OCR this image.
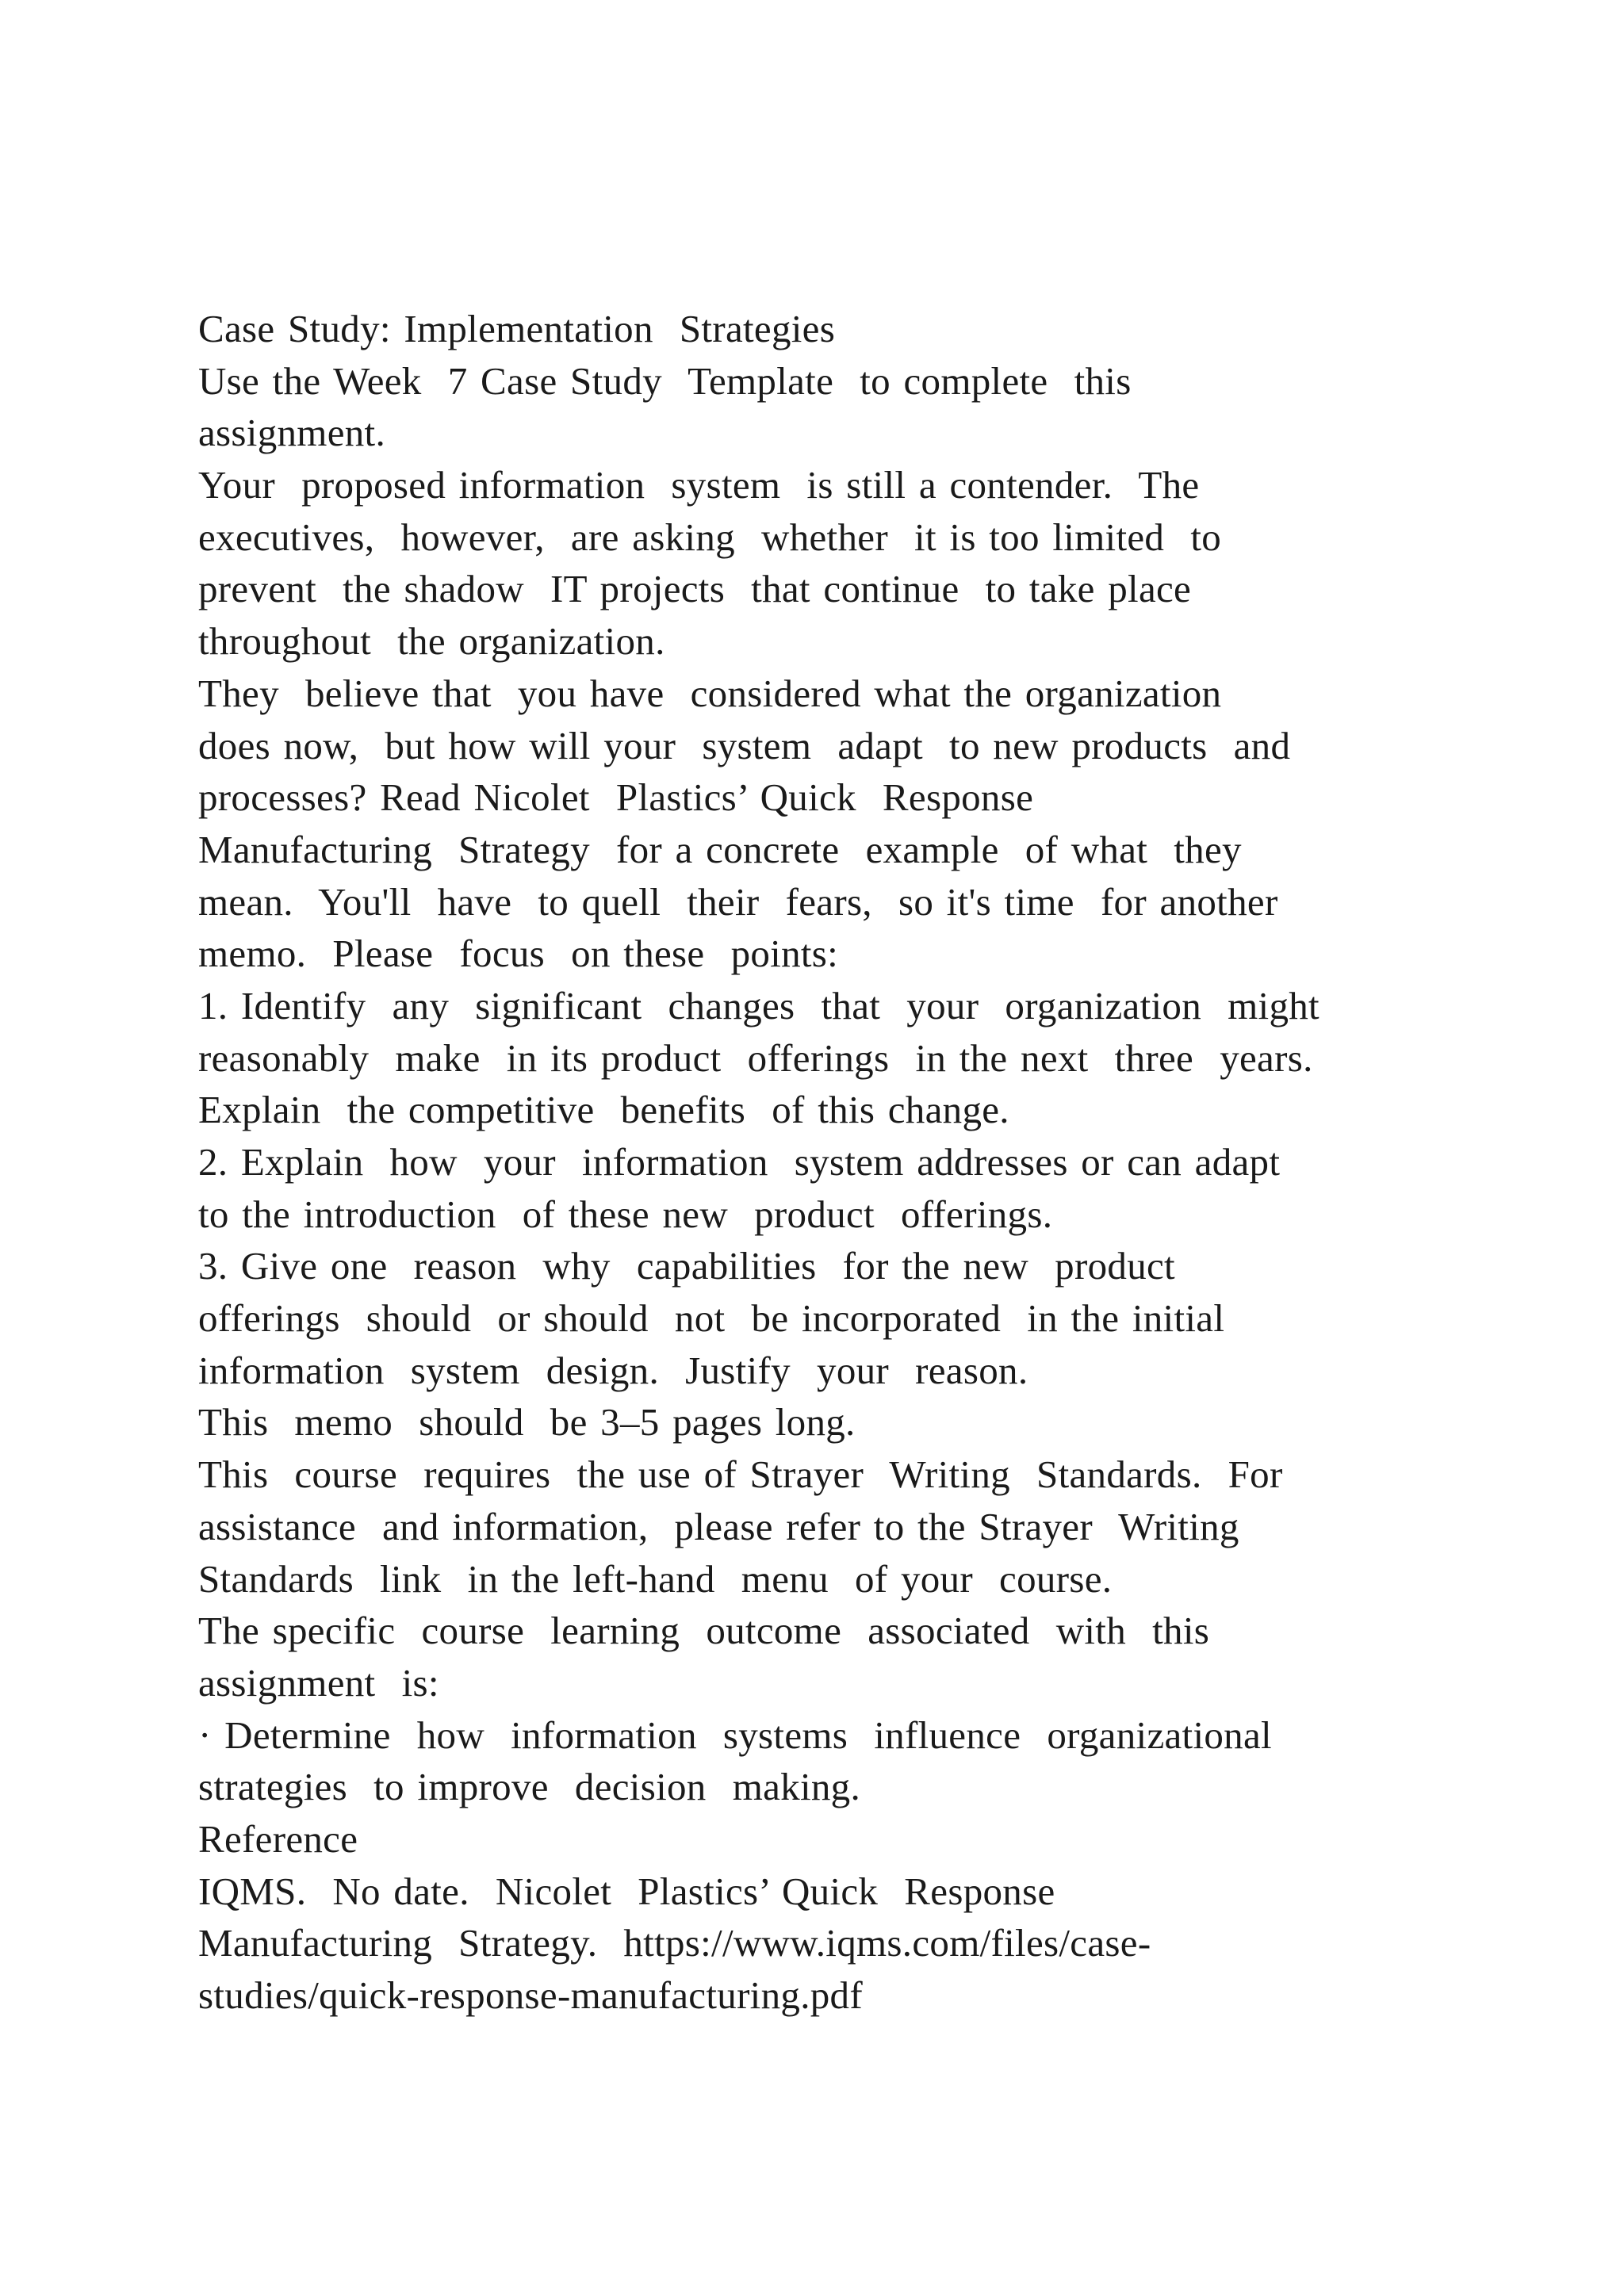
Case Study: Implementation  Strategies
Use the Week  7 Case Study  Template  to complete  this
assignment.
Your  proposed information  system  is still a contender.  The
executives,  however,  are asking  whether  it is too limited  to
prevent  the shadow  IT projects  that continue  to take place
throughout  the organization.
They  believe that  you have  considered what the organization
does now,  but how will your  system  adapt  to new products  and
processes? Read Nicolet  Plastics’ Quick  Response
Manufacturing  Strategy  for a concrete  example  of what  they
mean.  You'll  have  to quell  their  fears,  so it's time  for another
memo.  Please  focus  on these  points:
1. Identify  any  significant  changes  that  your  organization  might
reasonably  make  in its product  offerings  in the next  three  years.
Explain  the competitive  benefits  of this change.
2. Explain  how  your  information  system addresses or can adapt
to the introduction  of these new  product  offerings.
3. Give one  reason  why  capabilities  for the new  product
offerings  should  or should  not  be incorporated  in the initial
information  system  design.  Justify  your  reason.
This  memo  should  be 3–5 pages long.
This  course  requires  the use of Strayer  Writing  Standards.  For
assistance  and information,  please refer to the Strayer  Writing
Standards  link  in the left-hand  menu  of your  course.
The specific  course  learning  outcome  associated  with  this
assignment  is:
· Determine  how  information  systems  influence  organizational
strategies  to improve  decision  making.
Reference
IQMS.  No date.  Nicolet  Plastics’ Quick  Response
Manufacturing  Strategy.  https://www.iqms.com/files/case-
studies/quick-response-manufacturing.pdf
